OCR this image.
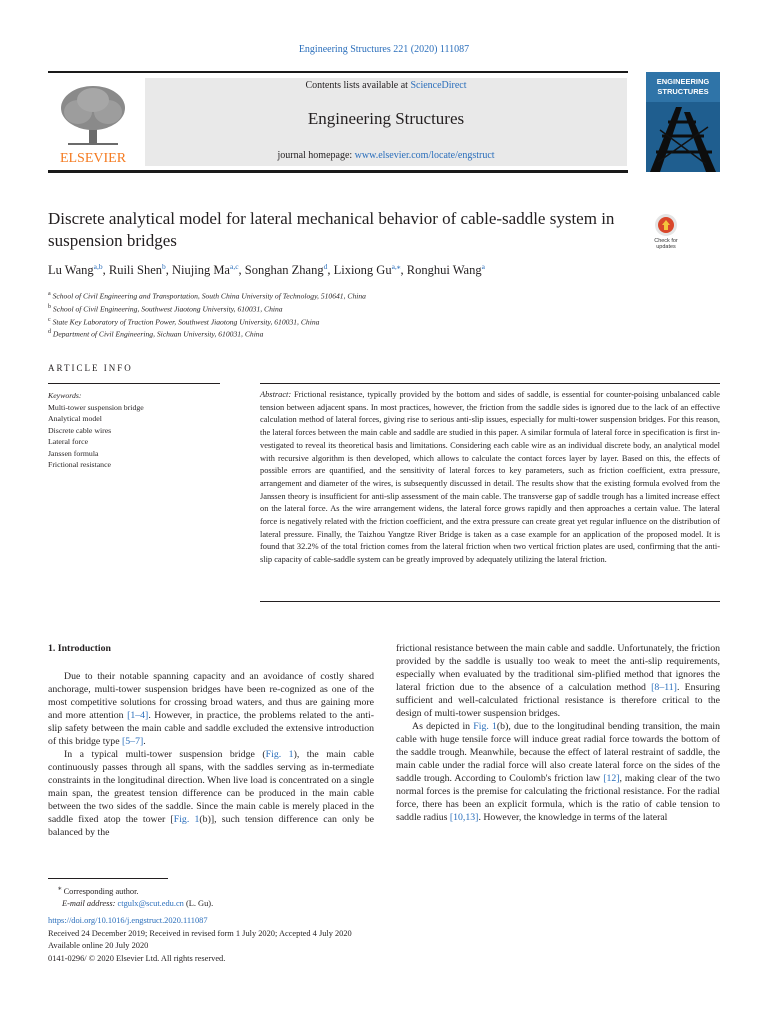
Engineering Structures 221 (2020) 111087
ELSEVIER
Contents lists available at ScienceDirect
Engineering Structures
journal homepage: www.elsevier.com/locate/engstruct
ENGINEERING
STRUCTURES
Discrete analytical model for lateral mechanical behavior of cable-saddle system in suspension bridges	Check for
updates
Lu Wang$^{a,b}$, Ruili Shen$^b$, Niujing Ma$^{a,c}$, Songhan Zhang$^d$, Lixiong $Gu^{a,⁎}$, Ronghui Wang$^a$
$^a$ School of Civil Engineering and Transportation, South China University of Technology, 510641, China
$^b$ School of Civil Engineering, Southwest Jiaotong University, 610031, China
$^c$ State Key Laboratory of Traction Power, Southwest Jiaotong University, 610031, China
$^d$ Department of Civil Engineering, Sichuan University, 610031, China
ARTICLE INFO
Keywords:
Multi-tower suspension bridge
Analytical model
Discrete cable wires
Lateral force
Janssen formula
Frictional resistance
Abstract: Frictional resistance, typically provided by the bottom and sides of saddle, is essential for counter-poising unbalanced cable tension between adjacent spans. In most practices, however, the friction from the saddle sides is ignored due to the lack of an effective calculation method of lateral forces, giving rise to serious anti-slip issues, especially for multi-tower suspension bridges. For this reason, the lateral forces between the main cable and saddle are studied in this paper. A similar formula of lateral force in specification is first in-vestigated to reveal its theoretical basis and limitations. Considering each cable wire as an individual discrete body, an analytical model with recursive algorithm is then developed, which allows to calculate the contact forces layer by layer. Based on this, the effects of possible errors are quantified, and the sensitivity of lateral forces to key parameters, such as friction coefficient, extra pressure, arrangement and diameter of the wires, is subsequently discussed in detail. The results show that the existing formula evolved from the Janssen theory is insufficient for anti-slip assessment of the main cable. The transverse gap of saddle trough has a limited increase effect on the lateral force. As the wire arrangement widens, the lateral force grows rapidly and then approaches a certain value. The lateral force is negatively related with the friction coefficient, and the extra pressure can create great yet regular influence on the distribution of lateral pressure. Finally, the Taizhou Yangtze River Bridge is taken as a case example for an application of the proposed model. It is found that 32.2% of the total friction comes from the lateral friction when two vertical friction plates are used, confirming that the anti-slip capacity of cable-saddle system can be greatly improved by adequately utilizing the lateral friction.

1. Introduction

Due to their notable spanning capacity and an avoidance of costly shared anchorage, multi-tower suspension bridges have been re-cognized as one of the most competitive solutions for crossing broad waters, and thus are gaining more and more attention [1–4]. However, in practice, the problems related to the anti-slip safety between the main cable and saddle excluded the extensive introduction of this bridge type [5–7].

In a typical multi-tower suspension bridge (Fig. 1), the main cable continuously passes through all spans, with the saddles serving as in-termediate constraints in the longitudinal direction. When live load is concentrated on a single main span, the greatest tension difference can be produced in the main cable between the two sides of the saddle. Since the main cable is merely placed in the saddle fixed atop the tower [Fig. 1(b)], such tension difference can only be balanced by the

frictional resistance between the main cable and saddle. Unfortunately, the friction provided by the saddle is usually too weak to meet the anti-slip requirements, especially when evaluated by the traditional sim-plified method that ignores the lateral friction due to the absence of a calculation method [8–11]. Ensuring sufficient and well-calculated frictional resistance is therefore critical to the design of multi-tower suspension bridges.

As depicted in Fig. 1(b), due to the longitudinal bending transition, the main cable with huge tensile force will induce great radial force towards the bottom of the saddle trough. Meanwhile, because the effect of lateral restraint of saddle, the main cable under the radial force will also create lateral force on the sides of the saddle trough. According to Coulomb's friction law [12], making clear of the two normal forces is the premise for calculating the frictional resistance. For the radial force, there has been an explicit formula, which is the ratio of cable tension to saddle radius [10,13]. However, the knowledge in terms of the lateral

⁎ Corresponding author.
E-mail address: ctgulx@scut.edu.cn (L. Gu).
https://doi.org/10.1016/j.engstruct.2020.111087
Received 24 December 2019; Received in revised form 1 July 2020; Accepted 4 July 2020
Available online 20 July 2020
0141-0296/ © 2020 Elsevier Ltd. All rights reserved.
